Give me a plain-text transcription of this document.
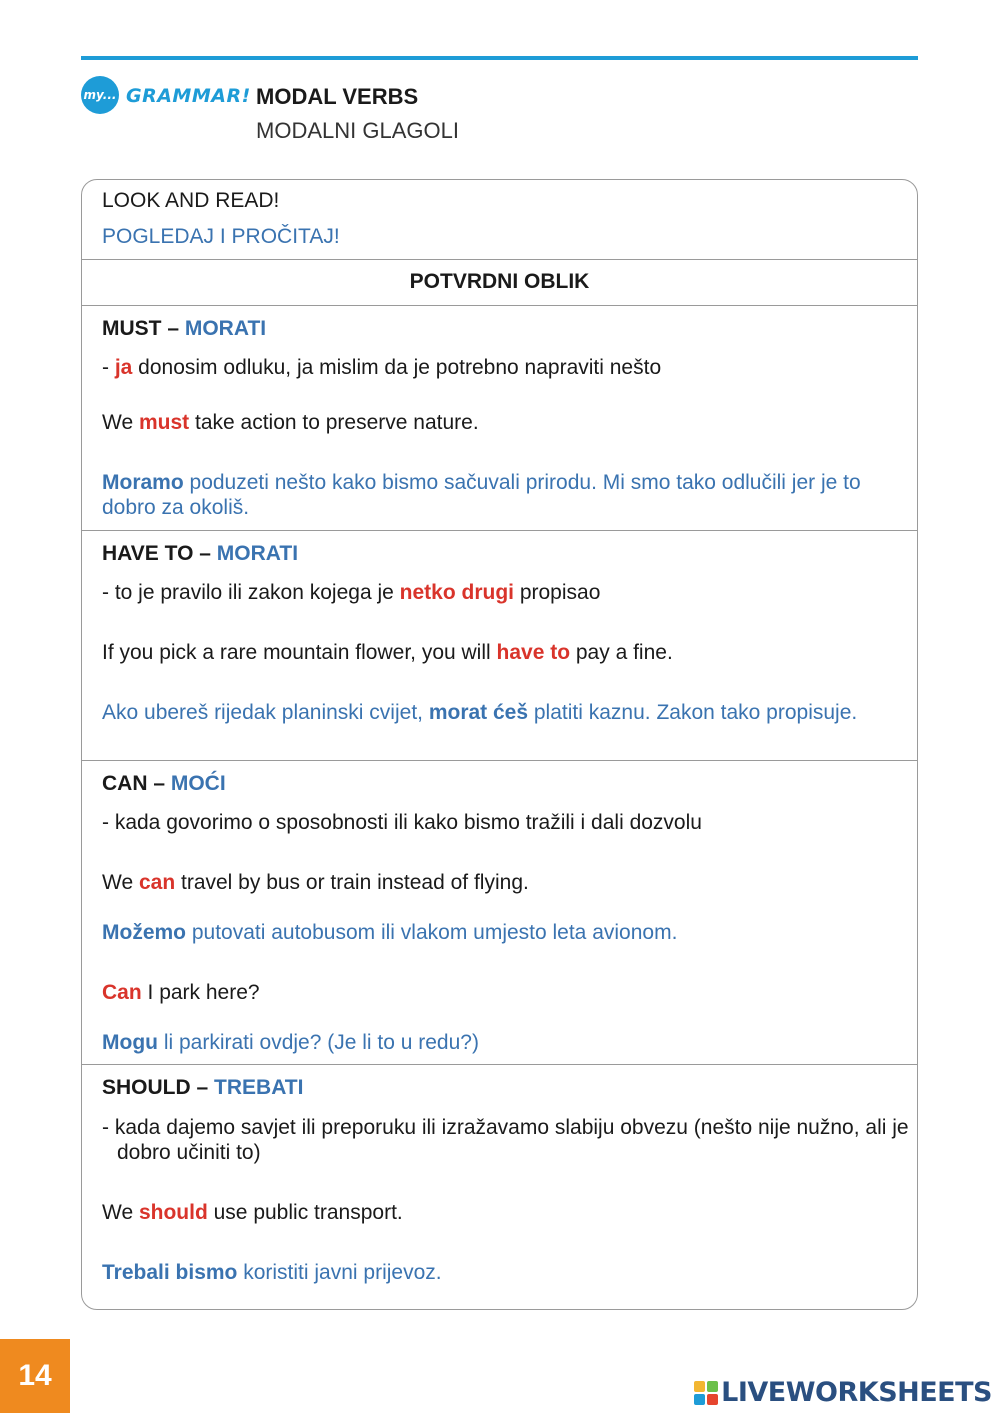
my... GRAMMAR! MODAL VERBS
MODALNI GLAGOLI
LOOK AND READ!
POGLEDAJ I PROČITAJ!
POTVRDNI OBLIK
MUST – MORATI
- ja donosim odluku, ja mislim da je potrebno napraviti nešto
We must take action to preserve nature.
Moramo poduzeti nešto kako bismo sačuvali prirodu. Mi smo tako odlučili jer je to dobro za okoliš.
HAVE TO – MORATI
- to je pravilo ili zakon kojega je netko drugi propisao
If you pick a rare mountain flower, you will have to pay a fine.
Ako ubereš rijedak planinski cvijet, morat ćeš platiti kaznu. Zakon tako propisuje.
CAN – MOĆI
- kada govorimo o sposobnosti ili kako bismo tražili i dali dozvolu
We can travel by bus or train instead of flying.
Možemo putovati autobusom ili vlakom umjesto leta avionom.
Can I park here?
Mogu li parkirati ovdje? (Je li to u redu?)
SHOULD – TREBATI
- kada dajemo savjet ili preporuku ili izražavamo slabiju obvezu (nešto nije nužno, ali je dobro učiniti to)
We should use public transport.
Trebali bismo koristiti javni prijevoz.
14
LIVEWORKSHEETS
